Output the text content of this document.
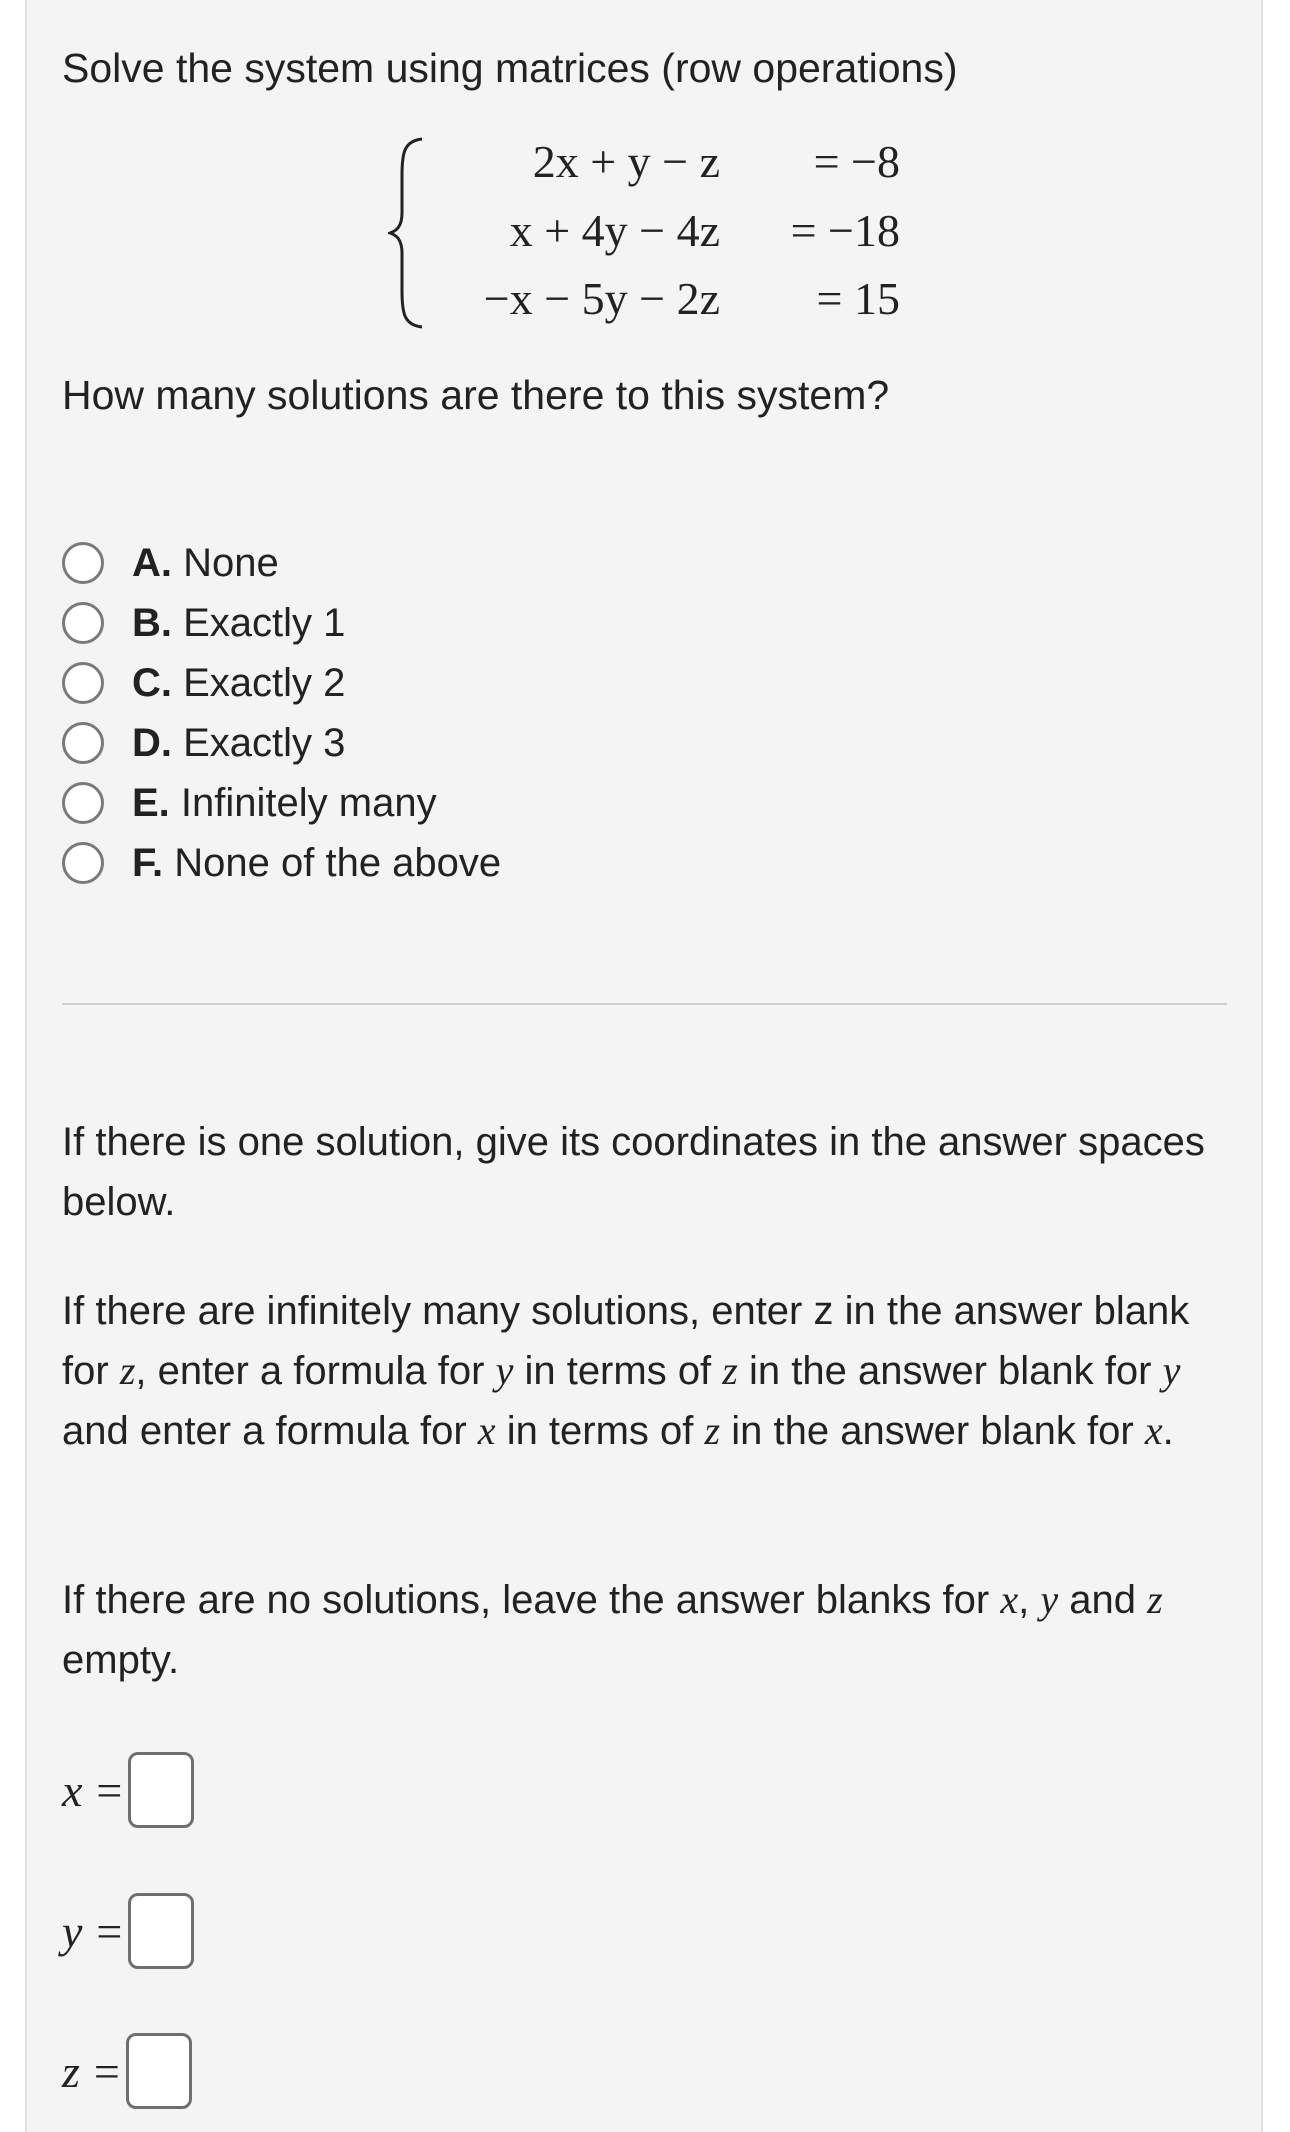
Solve the system using matrices (row operations)
2x + y − z	= −8
x + 4y − 4z	= −18
−x − 5y − 2z	= 15
How many solutions are there to this system?
A. None
B. Exactly 1
C. Exactly 2
D. Exactly 3
E. Infinitely many
F. None of the above
If there is one solution, give its coordinates in the answer spaces below.
If there are infinitely many solutions, enter z in the answer blank for z, enter a formula for y in terms of z in the answer blank for y and enter a formula for x in terms of z in the answer blank for x.
If there are no solutions, leave the answer blanks for x, y and z empty.
x =
y =
z =
